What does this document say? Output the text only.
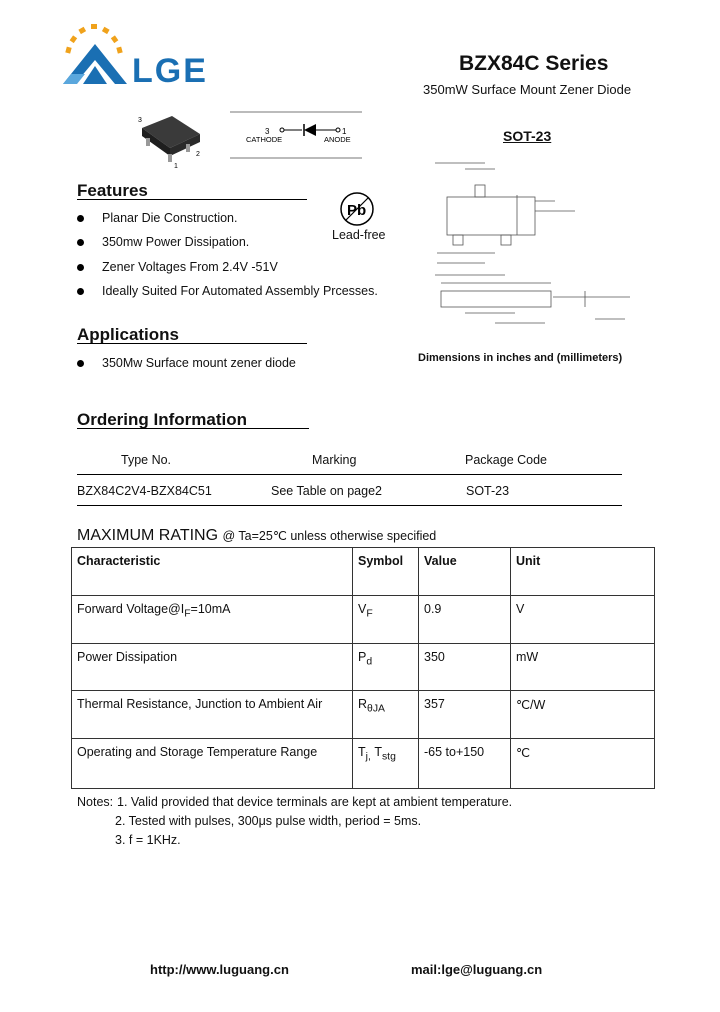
LGE	BZX84C Series
350mW Surface Mount Zener Diode
3
2
1
3	1
CATHODE	ANODE	SOT-23
Pb
Lead-free
Dimensions in inches and (millimeters)
Features
Planar Die Construction.
350mw Power Dissipation.
Zener Voltages From 2.4V -51V
Ideally Suited For Automated Assembly Prcesses.
Applications
350Mw Surface mount zener diode
Ordering Information
Type No.	Marking	Package Code
BZX84C2V4-BZX84C51	See Table on page2	SOT-23
MAXIMUM RATING @ Ta=25℃ unless otherwise specified
Characteristic	Symbol	Value	Unit
Forward $Voltage@I_F=10mA$	$V_F$	0.9	V
Power Dissipation	$P_d$	350	mW
Thermal Resistance, Junction to Ambient Air	$R_{\theta JA}$	357	℃/W
Operating and Storage Temperature Range	$T_{j,}$ $T_{stg}$	-65 to+150	℃
Notes: 1. Valid provided that device terminals are kept at ambient temperature.
2. Tested with pulses, 300μs pulse width, period = 5ms.
3. f = 1KHz.
http://www.luguang.cn	mail:lge@luguang.cn
